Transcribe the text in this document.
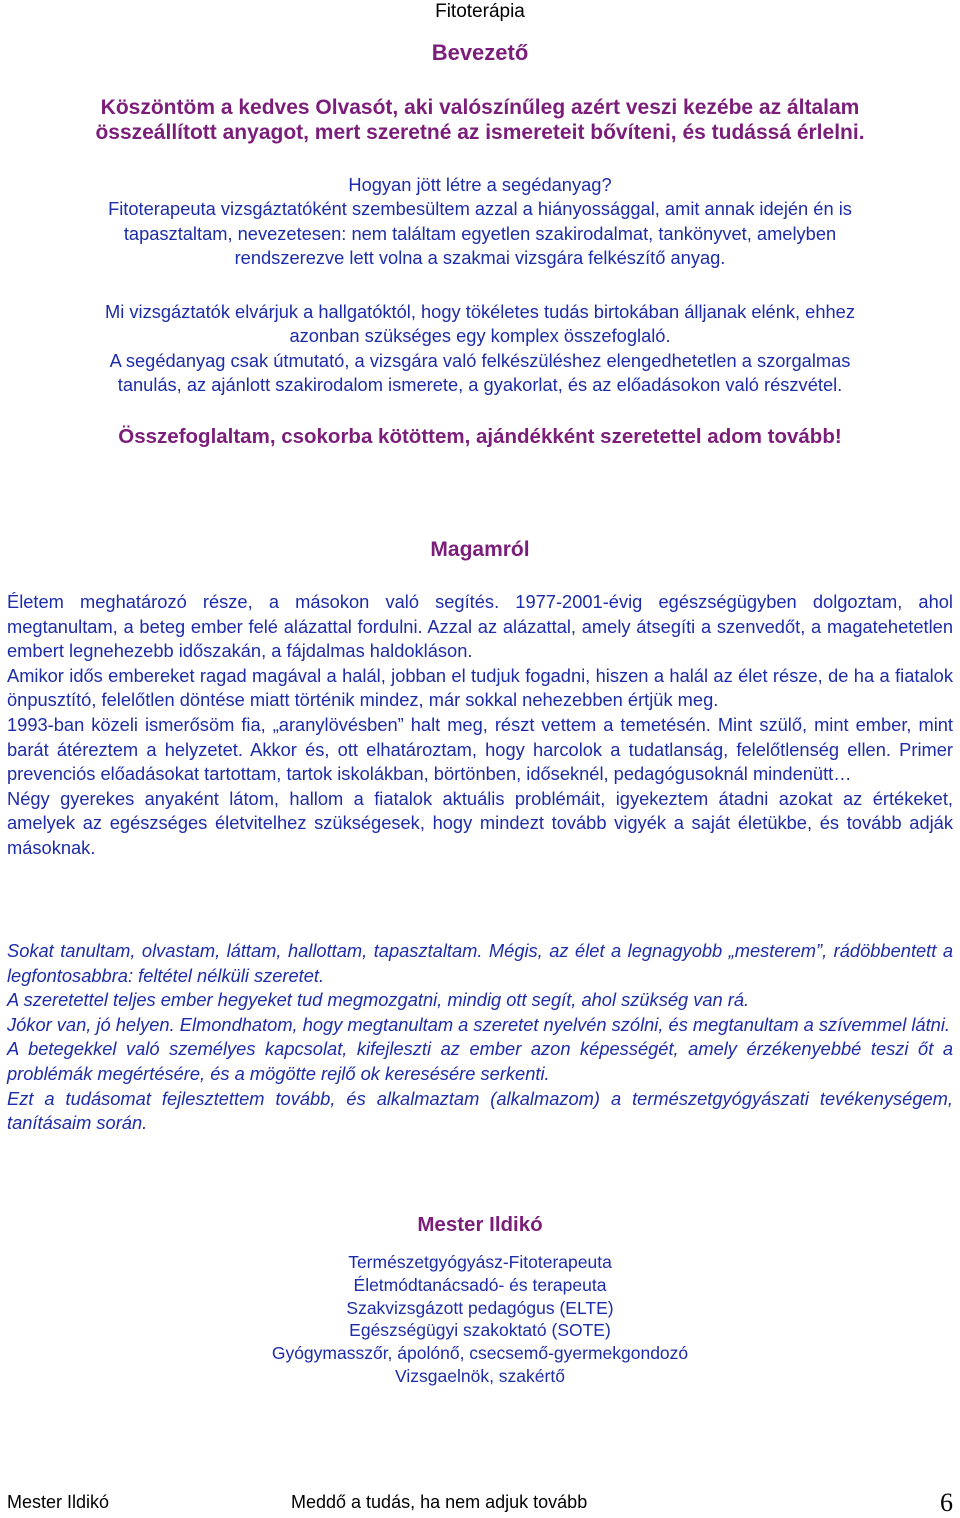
Fitoterápia
Bevezető
Köszöntöm a kedves Olvasót, aki valószínűleg azért veszi kezébe az általam
összeállított anyagot, mert szeretné az ismereteit bővíteni, és tudássá érlelni.
Hogyan jött létre a segédanyag?
Fitoterapeuta vizsgáztatóként szembesültem azzal a hiányossággal, amit annak idején én is
tapasztaltam, nevezetesen: nem találtam egyetlen szakirodalmat, tankönyvet, amelyben
rendszerezve lett volna a szakmai vizsgára felkészítő anyag.
Mi vizsgáztatók elvárjuk a hallgatóktól, hogy tökéletes tudás birtokában álljanak elénk, ehhez
azonban szükséges egy komplex összefoglaló.
A segédanyag csak útmutató, a vizsgára való felkészüléshez elengedhetetlen a szorgalmas
tanulás, az ajánlott szakirodalom ismerete, a gyakorlat, és az előadásokon való részvétel.
Összefoglaltam, csokorba kötöttem, ajándékként szeretettel adom tovább!
Magamról

Életem meghatározó része, a másokon való segítés. 1977-2001-évig egészségügyben dolgoztam, ahol megtanultam, a beteg ember felé alázattal fordulni. Azzal az alázattal, amely átsegíti a szenvedőt, a magatehetetlen embert legnehezebb időszakán, a fájdalmas haldokláson.

Amikor idős embereket ragad magával a halál, jobban el tudjuk fogadni, hiszen a halál az élet része, de ha a fiatalok önpusztító, felelőtlen döntése miatt történik mindez, már sokkal nehezebben értjük meg.

1993-ban közeli ismerősöm fia, „aranylövésben” halt meg, részt vettem a temetésén. Mint szülő, mint ember, mint barát átéreztem a helyzetet. Akkor és, ott elhatároztam, hogy harcolok a tudatlanság, felelőtlenség ellen. Primer prevenciós előadásokat tartottam, tartok iskolákban, börtönben, időseknél, pedagógusoknál mindenütt…

Négy gyerekes anyaként látom, hallom a fiatalok aktuális problémáit, igyekeztem átadni azokat az értékeket, amelyek az egészséges életvitelhez szükségesek, hogy mindezt tovább vigyék a saját életükbe, és tovább adják másoknak.

Sokat tanultam, olvastam, láttam, hallottam, tapasztaltam. Mégis, az élet a legnagyobb „mesterem”, rádöbbentett a legfontosabbra: feltétel nélküli szeretet.

A szeretettel teljes ember hegyeket tud megmozgatni, mindig ott segít, ahol szükség van rá.

Jókor van, jó helyen. Elmondhatom, hogy megtanultam a szeretet nyelvén szólni, és megtanultam a szívemmel látni.

A betegekkel való személyes kapcsolat, kifejleszti az ember azon képességét, amely érzékenyebbé teszi őt a problémák megértésére, és a mögötte rejlő ok keresésére serkenti.

Ezt a tudásomat fejlesztettem tovább, és alkalmaztam (alkalmazom) a természetgyógyászati tevékenységem, tanításaim során.

Mester Ildikó
Természetgyógyász-Fitoterapeuta
Életmódtanácsadó- és terapeuta
Szakvizsgázott pedagógus (ELTE)
Egészségügyi szakoktató (SOTE)
Gyógymasszőr, ápolónő, csecsemő-gyermekgondozó
Vizsgaelnök, szakértő
Mester Ildikó	Meddő a tudás, ha nem adjuk tovább	6
